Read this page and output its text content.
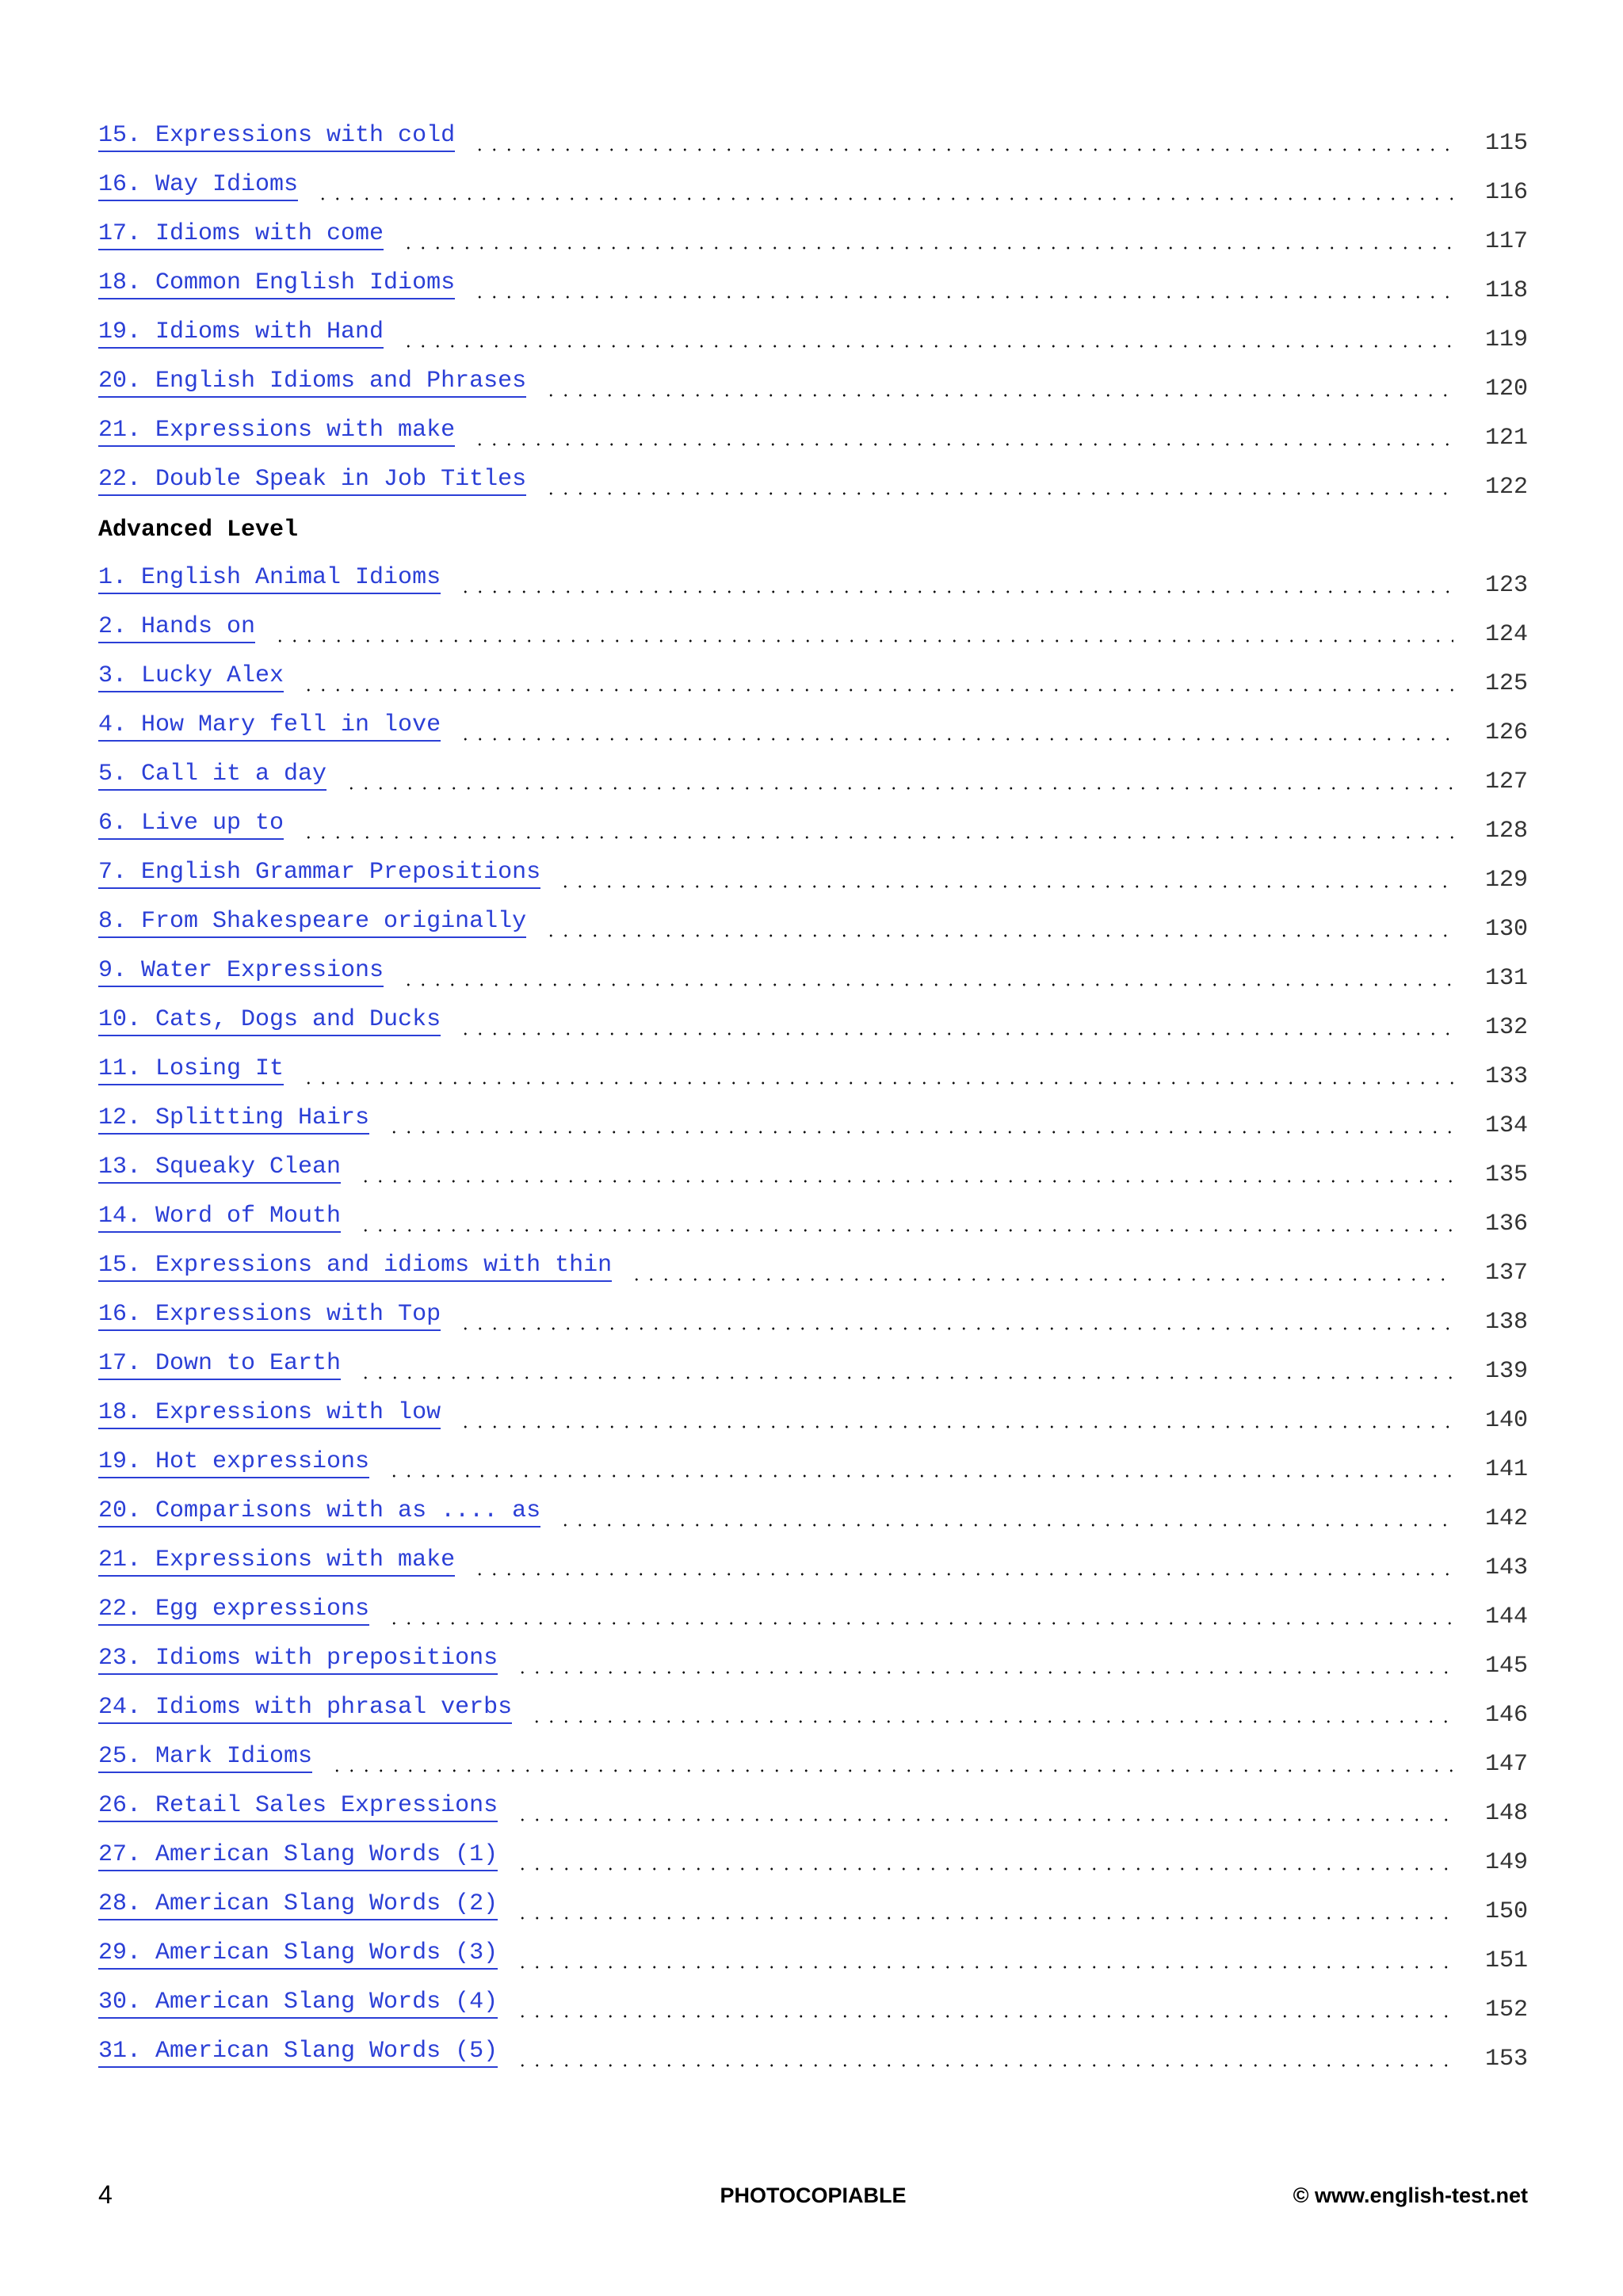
15. Expressions with cold	115
16. Way Idioms	116
17. Idioms with come	117
18. Common English Idioms	118
19. Idioms with Hand	119
20. English Idioms and Phrases	120
21. Expressions with make	121
22. Double Speak in Job Titles	122
Advanced Level
1. English Animal Idioms	123
2. Hands on	124
3. Lucky Alex	125
4. How Mary fell in love	126
5. Call it a day	127
6. Live up to	128
7. English Grammar Prepositions	129
8. From Shakespeare originally	130
9. Water Expressions	131
10. Cats, Dogs and Ducks	132
11. Losing It	133
12. Splitting Hairs	134
13. Squeaky Clean	135
14. Word of Mouth	136
15. Expressions and idioms with thin	137
16. Expressions with Top	138
17. Down to Earth	139
18. Expressions with low	140
19. Hot expressions	141
20. Comparisons with as .... as	142
21. Expressions with make	143
22. Egg expressions	144
23. Idioms with prepositions	145
24. Idioms with phrasal verbs	146
25. Mark Idioms	147
26. Retail Sales Expressions	148
27. American Slang Words (1)	149
28. American Slang Words (2)	150
29. American Slang Words (3)	151
30. American Slang Words (4)	152
31. American Slang Words (5)	153
4	PHOTOCOPIABLE	© www.english-test.net
